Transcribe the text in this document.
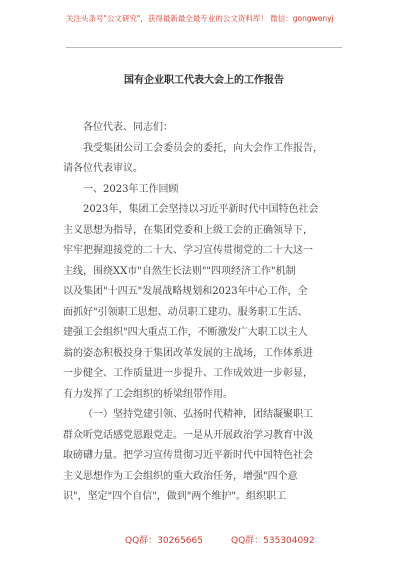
关注头条号"公文研究"，获得最新最全最专业的公文资料库！ 微信：gongwenyj
国有企业职工代表大会上的工作报告
各位代表、同志们：
我受集团公司工会委员会的委托，向大会作工作报告，
请各位代表审议。
一、2023年工作回顾
2023年，集团工会坚持以习近平新时代中国特色社会
主义思想为指导，在集团党委和上级工会的正确领导下，
牢牢把握迎接党的二十大、学习宣传贯彻党的二十大这一
主线，围绕XX市"自然生长法则""四项经济工作"机制
以及集团"十四五"发展战略规划和2023年中心工作，全
面抓好"引领职工思想、动员职工建功、服务职工生活、
建强工会组织"四大重点工作，不断激发广大职工以主人
翁的姿态积极投身于集团改革发展的主战场，工作体系进
一步健全、工作质量进一步提升、工作成效进一步彰显，
有力发挥了工会组织的桥梁纽带作用。
（一）坚持党建引领、弘扬时代精神，团结凝聚职工
群众听党话感党恩跟党走。一是从开展政治学习教育中汲
取磅礴力量。把学习宣传贯彻习近平新时代中国特色社会
主义思想作为工会组织的重大政治任务，增强"四个意
识"，坚定"四个自信"，做到"两个维护"。组织职工
QQ群：30265665	QQ群：535304092
